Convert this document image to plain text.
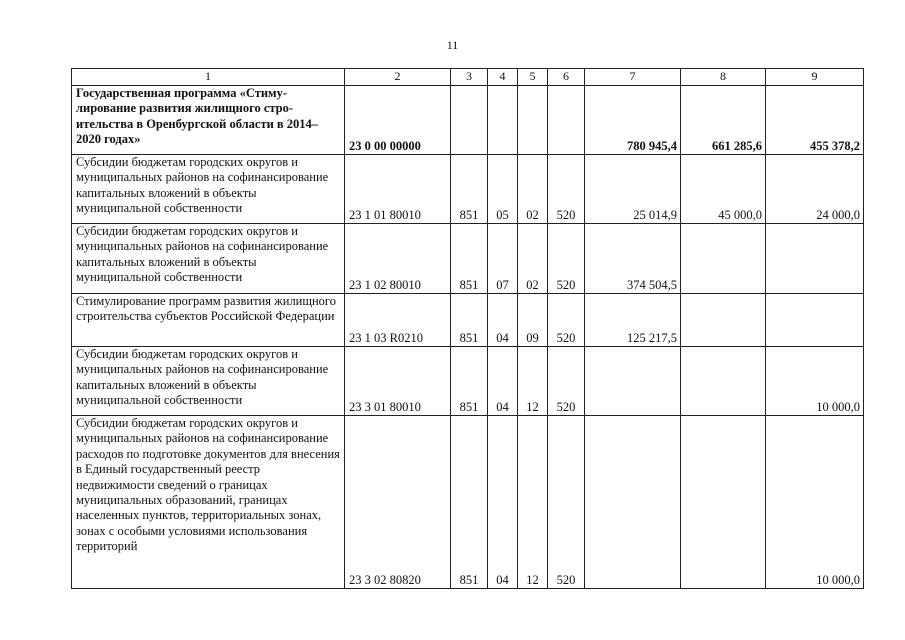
11
1	2	3	4	5	6	7	8	9
Государственная программа «Стимулирование развития жилищного строительства в Оренбургской области в 2014–2020 годах»	23 0 00 00000					780 945,4	661 285,6	455 378,2
Субсидии бюджетам городских округов и муниципальных районов на софинансирование капитальных вложений в объекты муниципальной собственности	23 1 01 80010	851	05	02	520	25 014,9	45 000,0	24 000,0
Субсидии бюджетам городских округов и муниципальных районов на софинансирование капитальных вложений в объекты муниципальной собственности	23 1 02 80010	851	07	02	520	374 504,5		
Стимулирование программ развития жилищного строительства субъектов Российской Федерации	23 1 03 R0210	851	04	09	520	125 217,5		
Субсидии бюджетам городских округов и муниципальных районов на софинансирование капитальных вложений в объекты муниципальной собственности	23 3 01 80010	851	04	12	520			10 000,0
Субсидии бюджетам городских округов и муниципальных районов на софинансирование расходов по подготовке документов для внесения в Единый государственный реестр недвижимости сведений о границах муниципальных образований, границах населенных пунктов, территориальных зонах, зонах с особыми условиями использования территорий	23 3 02 80820	851	04	12	520			10 000,0
